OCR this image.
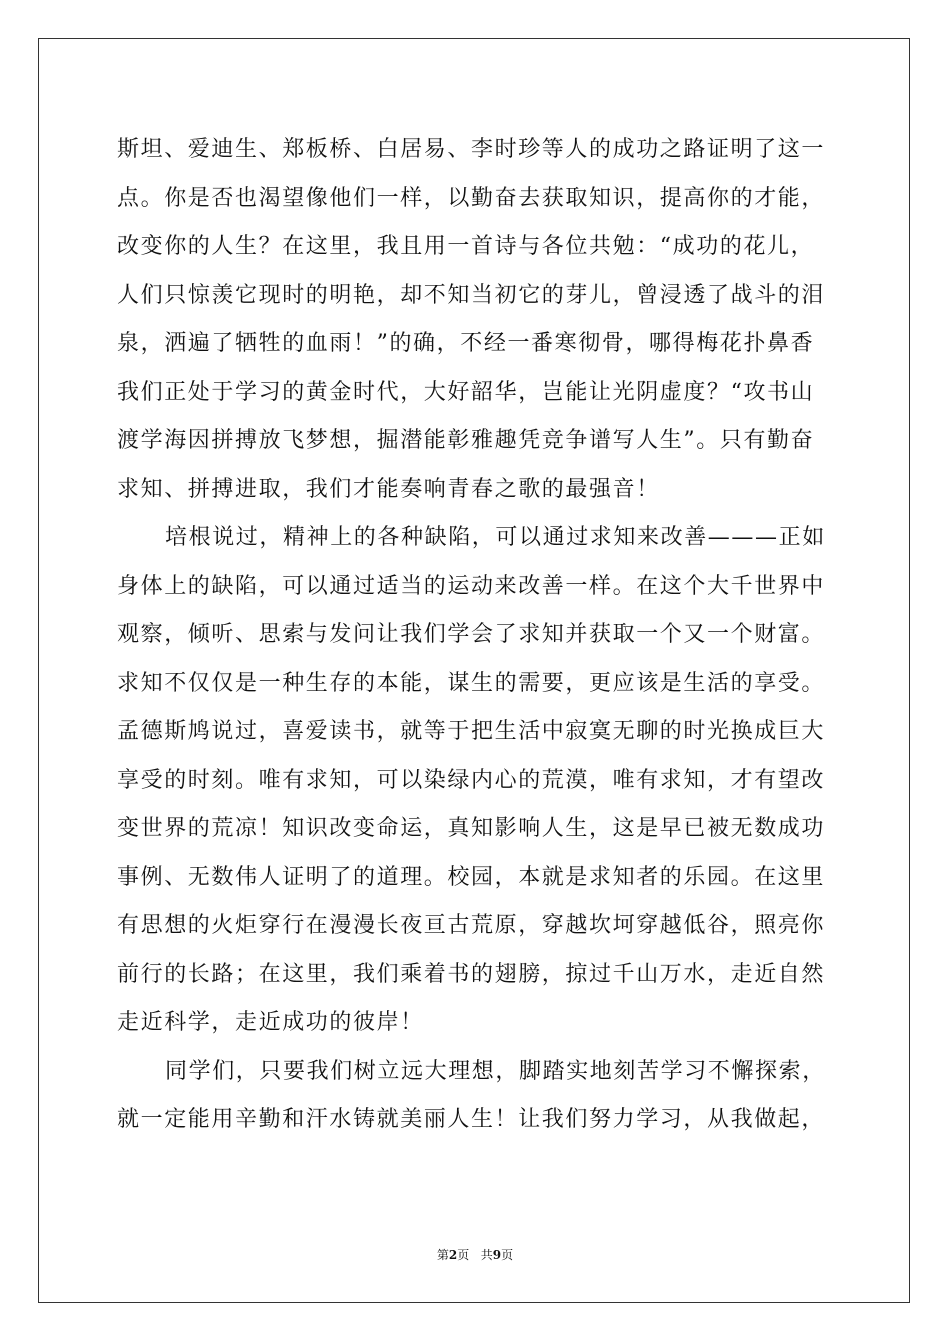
斯坦、爱迪生、郑板桥、白居易、李时珍等人的成功之路证明了这一
点。你是否也渴望像他们一样，以勤奋去获取知识，提高你的才能，
改变你的人生？在这里，我且用一首诗与各位共勉：“成功的花儿，
人们只惊羡它现时的明艳，却不知当初它的芽儿，曾浸透了战斗的泪
泉，洒遍了牺牲的血雨！”的确，不经一番寒彻骨，哪得梅花扑鼻香
我们正处于学习的黄金时代，大好韶华，岂能让光阴虚度？“攻书山
渡学海因拼搏放飞梦想，掘潜能彰雅趣凭竞争谱写人生”。只有勤奋
求知、拼搏进取，我们才能奏响青春之歌的最强音！
培根说过，精神上的各种缺陷，可以通过求知来改善———正如
身体上的缺陷，可以通过适当的运动来改善一样。在这个大千世界中
观察，倾听、思索与发问让我们学会了求知并获取一个又一个财富。
求知不仅仅是一种生存的本能，谋生的需要，更应该是生活的享受。
孟德斯鸠说过，喜爱读书，就等于把生活中寂寞无聊的时光换成巨大
享受的时刻。唯有求知，可以染绿内心的荒漠，唯有求知，才有望改
变世界的荒凉！知识改变命运，真知影响人生，这是早已被无数成功
事例、无数伟人证明了的道理。校园，本就是求知者的乐园。在这里
有思想的火炬穿行在漫漫长夜亘古荒原，穿越坎坷穿越低谷，照亮你
前行的长路；在这里，我们乘着书的翅膀，掠过千山万水，走近自然
走近科学，走近成功的彼岸！
同学们，只要我们树立远大理想，脚踏实地刻苦学习不懈探索，
就一定能用辛勤和汗水铸就美丽人生！让我们努力学习，从我做起，
第2页 共9页
